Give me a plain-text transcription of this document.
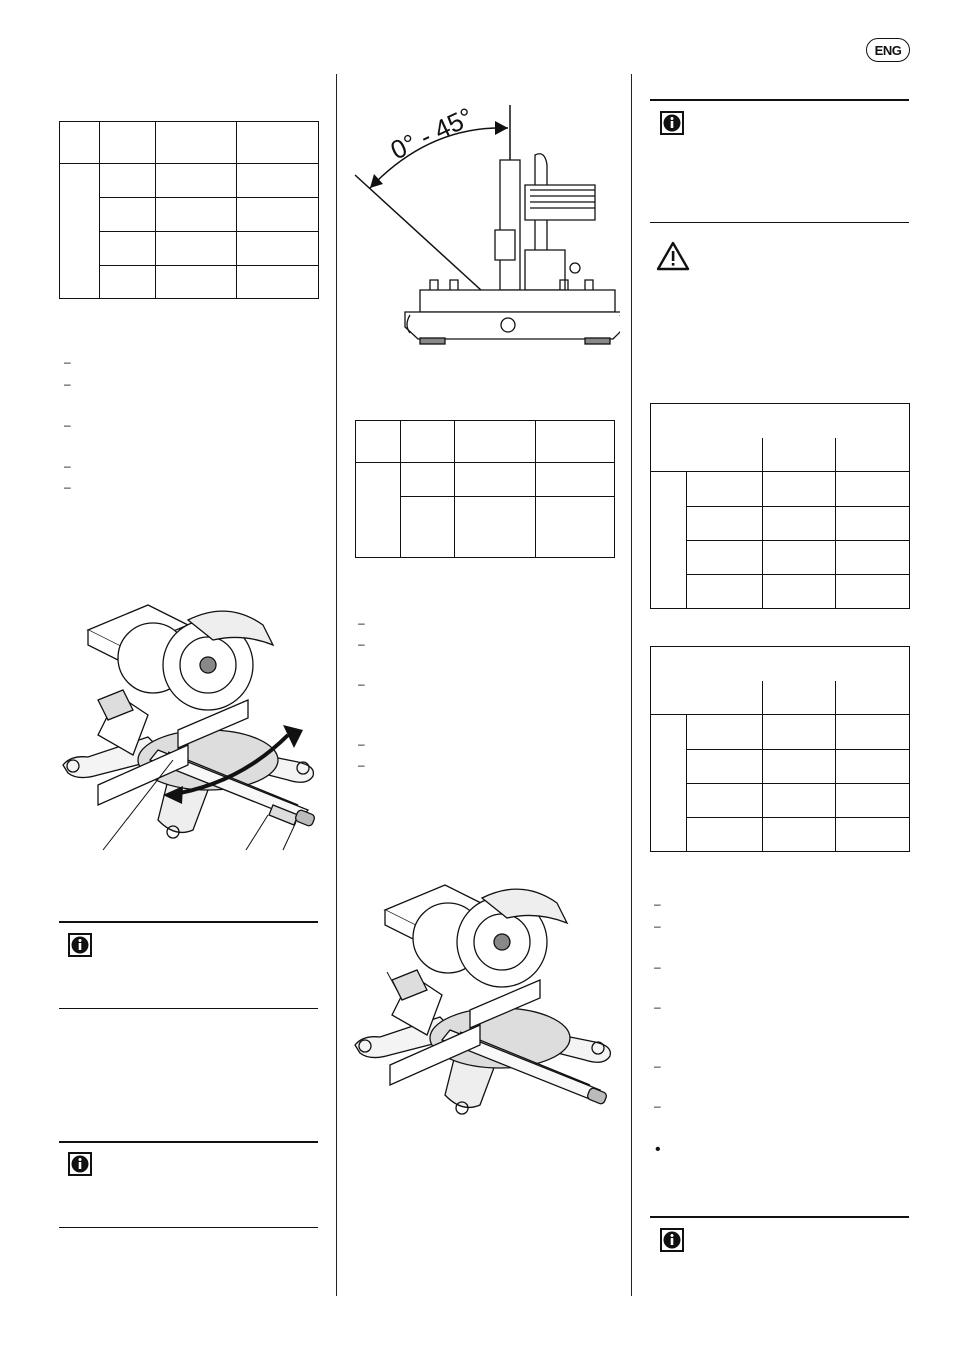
ENG

–
–
–
–
–
0° - 45°

–
–
–
–
–

–
–
–
–
–
–
•
